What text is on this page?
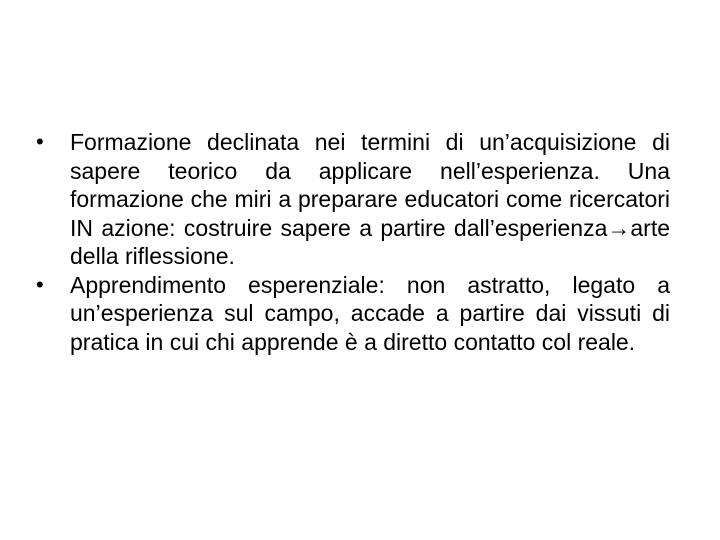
•	Formazione declinata nei termini di un’acquisizione di sapere teorico da applicare nell’esperienza. Una formazione che miri a preparare educatori come ricercatori IN azione: costruire sapere a partire dall’esperienza→arte della riflessione.
•	Apprendimento esperenziale: non astratto, legato a un’esperienza sul campo, accade a partire dai vissuti di pratica in cui chi apprende è a diretto contatto col reale.
